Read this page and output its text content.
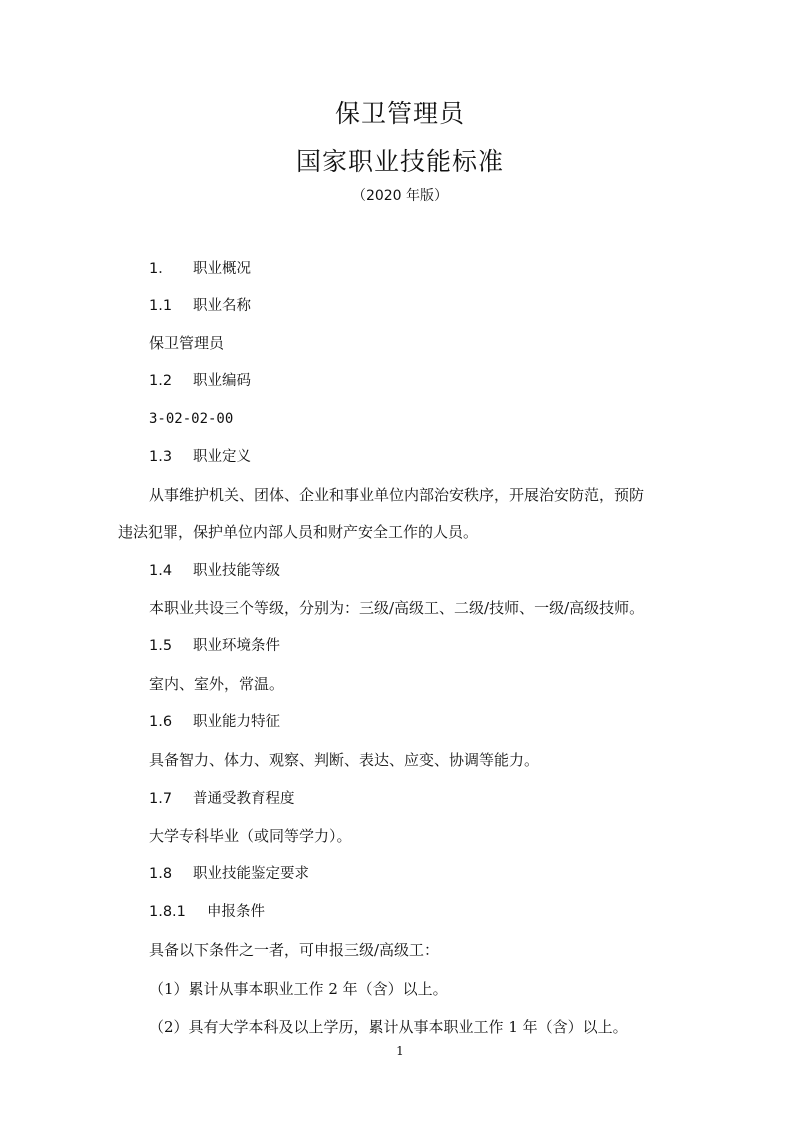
保卫管理员
国家职业技能标准
（2020 年版）
1． 职业概况
1.1 职业名称
保卫管理员
1.2 职业编码
3-02-02-00
1.3 职业定义
从事维护机关、团体、企业和事业单位内部治安秩序，开展治安防范，预防
违法犯罪，保护单位内部人员和财产安全工作的人员。
1.4 职业技能等级
本职业共设三个等级，分别为：三级/高级工、二级/技师、一级/高级技师。
1.5 职业环境条件
室内、室外，常温。
1.6 职业能力特征
具备智力、体力、观察、判断、表达、应变、协调等能力。
1.7 普通受教育程度
大学专科毕业（或同等学力）。
1.8 职业技能鉴定要求
1.8.1 申报条件
具备以下条件之一者，可申报三级/高级工：
（1）累计从事本职业工作 2 年（含）以上。
（2）具有大学本科及以上学历，累计从事本职业工作 1 年（含）以上。
1
